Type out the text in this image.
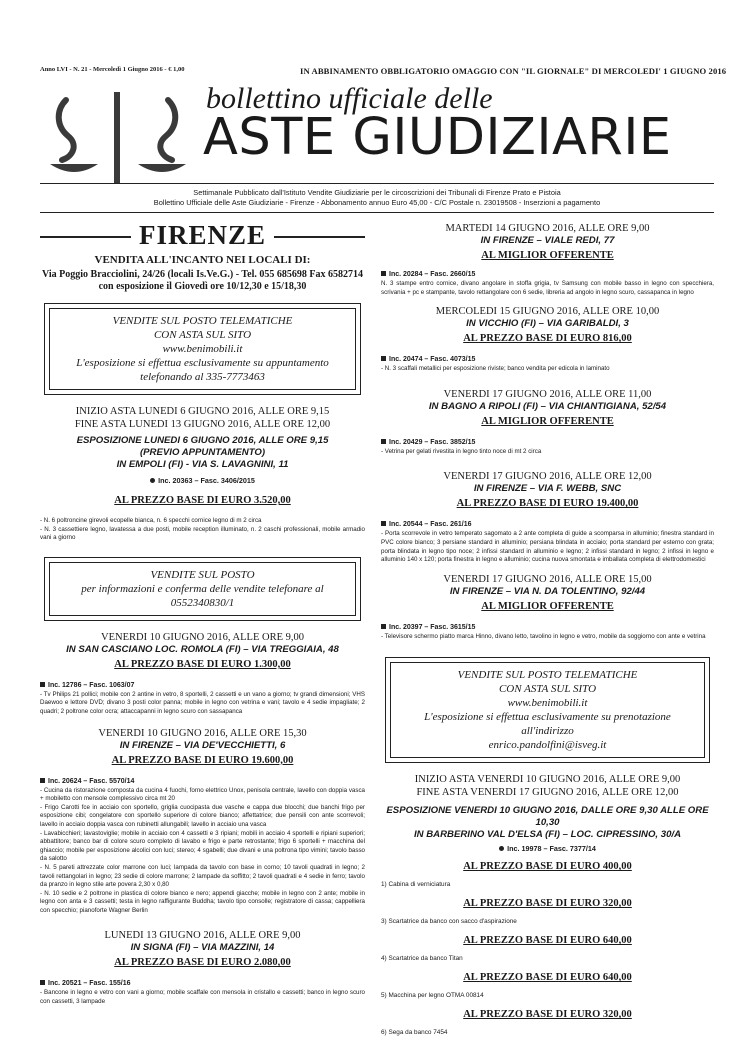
Anno LVI - N. 21 - Mercoledì 1 Giugno 2016 - € 1,00	IN ABBINAMENTO OBBLIGATORIO OMAGGIO CON "IL GIORNALE" DI MERCOLEDI' 1 GIUGNO 2016
bollettino ufficiale delle
ASTE GIUDIZIARIE
Settimanale Pubblicato dall'Istituto Vendite Giudiziarie per le circoscrizioni dei Tribunali di Firenze Prato e Pistoia
Bollettino Ufficiale delle Aste Giudiziarie - Firenze - Abbonamento annuo Euro 45,00 - C/C Postale n. 23019508 - Inserzioni a pagamento
FIRENZE
VENDITA ALL'INCANTO NEI LOCALI DI:
Via Poggio Bracciolini, 24/26 (locali Is.Ve.G.) - Tel. 055 685698 Fax 6582714
con esposizione il Giovedì ore 10/12,30 e 15/18,30
VENDITE SUL POSTO TELEMATICHE
CON ASTA SUL SITO
www.benimobili.it
L'esposizione si effettua esclusivamente su appuntamento
telefonando al 335-7773463
INIZIO ASTA LUNEDI 6 GIUGNO 2016, ALLE ORE 9,15
FINE ASTA LUNEDI 13 GIUGNO 2016, ALLE ORE 12,00
ESPOSIZIONE LUNEDI 6 GIUGNO 2016, ALLE ORE 9,15
(PREVIO APPUNTAMENTO)
IN EMPOLI (FI) - VIA S. LAVAGNINI, 11
Inc. 20363 – Fasc. 3406/2015
AL PREZZO BASE DI EURO 3.520,00
- N. 6 poltroncine girevoli ecopelle bianca, n. 6 specchi cornice legno di m 2 circa
- N. 3 cassettiere legno, lavatessa a due posti, mobile reception illuminato, n. 2 caschi professionali, mobile armadio vani a giorno
VENDITE SUL POSTO
per informazioni e conferma delle vendite telefonare al 0552340830/1
VENERDI 10 GIUGNO 2016, ALLE ORE 9,00
IN SAN CASCIANO LOC. ROMOLA (FI) – VIA TREGGIAIA, 48
AL PREZZO BASE DI EURO 1.300,00
Inc. 12786 – Fasc. 1063/07
- Tv Philips 21 pollici; mobile con 2 antine in vetro, 8 sportelli, 2 cassetti e un vano a giorno; tv grandi dimensioni; VHS Daewoo e lettore DVD; divano 3 posti color panna; mobile in legno con vetrina e vani; tavolo e 4 sedie impagliate; 2 quadri; 2 poltrone color ocra; attaccapanni in legno scuro con sassapanca
VENERDI 10 GIUGNO 2016, ALLE ORE 15,30
IN FIRENZE – VIA DE'VECCHIETTI, 6
AL PREZZO BASE DI EURO 19.600,00
Inc. 20624 – Fasc. 5570/14
- Cucina da ristorazione composta da cucina 4 fuochi, forno elettrico Unox, penisola centrale, lavello con doppia vasca + mobiletto con mensole complessivo circa mt 20
- Frigo Carotti fce in acciaio con sportello, griglia cuocipasta due vasche e cappa due blocchi; due banchi frigo per esposizione cibi; congelatore con sportello superiore di colore bianco; affettatrice; due pensili con ante scorrevoli; lavello in acciaio doppia vasca con rubinetti allungabili; lavello in acciaio una vasca
- Lavabicchieri; lavastoviglie; mobile in acciaio con 4 cassetti e 3 ripiani; mobili in acciaio 4 sportelli e ripiani superiori; abbattitore; banco bar di colore scuro completo di lavabo e frigo e parte retrostante; frigo 6 sportelli + macchina del ghiaccio; mobile per esposizione alcolici con luci; stereo; 4 sgabelli; due divani e una poltrona tipo vimini; tavolo basso da salotto
- N. 5 pareti attrezzate color marrone con luci; lampada da tavolo con base in corno; 10 tavoli quadrati in legno; 2 tavoli rettangolari in legno; 23 sedie di colore marrone; 2 lampade da soffitto; 2 tavoli quadrati e 4 sedie in ferro; tavolo da pranzo in legno stile arte povera 2,30 x 0,80
- N. 10 sedie e 2 poltrone in plastica di colore bianco e nero; appendi giacche; mobile in legno con 2 ante; mobile in legno con anta e 3 cassetti; testa in legno raffigurante Buddha; tavolo tipo consolle; registratore di cassa; cappelliera con specchio; pianoforte Wagner Berlin
LUNEDI 13 GIUGNO 2016, ALLE ORE 9,00
IN SIGNA (FI) – VIA MAZZINI, 14
AL PREZZO BASE DI EURO 2.080,00
Inc. 20521 – Fasc. 155/16
- Bancone in legno e vetro con vani a giorno; mobile scaffale con mensola in cristallo e cassetti; banco in legno scuro con cassetti, 3 lampade
MARTEDI 14 GIUGNO 2016, ALLE ORE 9,00
IN FIRENZE – VIALE REDI, 77
AL MIGLIOR OFFERENTE
Inc. 20284 – Fasc. 2660/15
N. 3 stampe entro cornice, divano angolare in stoffa grigia, tv Samsung con mobile basso in legno con specchiera, scrivania + pc e stampante, tavolo rettangolare con 6 sedie, libreria ad angolo in legno scuro, cassapanca in legno
MERCOLEDI 15 GIUGNO 2016, ALLE ORE 10,00
IN VICCHIO (FI) – VIA GARIBALDI, 3
AL PREZZO BASE DI EURO 816,00
Inc. 20474 – Fasc. 4073/15
- N. 3 scaffali metallici per esposizione riviste; banco vendita per edicola in laminato
VENERDI 17 GIUGNO 2016, ALLE ORE 11,00
IN BAGNO A RIPOLI (FI) – VIA CHIANTIGIANA, 52/54
AL MIGLIOR OFFERENTE
Inc. 20429 – Fasc. 3852/15
- Vetrina per gelati rivestita in legno tinto noce di mt 2 circa
VENERDI 17 GIUGNO 2016, ALLE ORE 12,00
IN FIRENZE – VIA F. WEBB, SNC
AL PREZZO BASE DI EURO 19.400,00
Inc. 20544 – Fasc. 261/16
- Porta scorrevole in vetro temperato sagomato a 2 ante completa di guide a scomparsa in alluminio; finestra standard in PVC colore bianco; 3 persiane standard in alluminio; persiana blindata in acciaio; porta standard per esterno con grata; porta blindata in legno tipo noce; 2 infissi standard in alluminio e legno; 2 infissi standard in legno; 2 infissi in legno e alluminio 140 x 120; porta finestra in legno e alluminio; cucina nuova smontata e imballata completa di elettrodomestici
VENERDI 17 GIUGNO 2016, ALLE ORE 15,00
IN FIRENZE – VIA N. DA TOLENTINO, 92/44
AL MIGLIOR OFFERENTE
Inc. 20397 – Fasc. 3615/15
- Televisore schermo piatto marca Hinno, divano letto, tavolino in legno e vetro, mobile da soggiorno con ante e vetrina
VENDITE SUL POSTO TELEMATICHE
CON ASTA SUL SITO
www.benimobili.it
L'esposizione si effettua esclusivamente su prenotazione all'indirizzo
enrico.pandolfini@isveg.it
INIZIO ASTA VENERDI 10 GIUGNO 2016, ALLE ORE 9,00
FINE ASTA VENERDI 17 GIUGNO 2016, ALLE ORE 12,00
ESPOSIZIONE VENERDI 10 GIUGNO 2016, DALLE ORE 9,30 ALLE ORE 10,30
IN BARBERINO VAL D'ELSA (FI) – LOC. CIPRESSINO, 30/A
Inc. 19978 – Fasc. 7377/14
AL PREZZO BASE DI EURO 400,00
1) Cabina di verniciatura
AL PREZZO BASE DI EURO 320,00
3) Scartatrice da banco con sacco d'aspirazione
AL PREZZO BASE DI EURO 640,00
4) Scartatrice da banco Titan
AL PREZZO BASE DI EURO 640,00
5) Macchina per legno OTMA 00814
AL PREZZO BASE DI EURO 320,00
6) Sega da banco 7454
